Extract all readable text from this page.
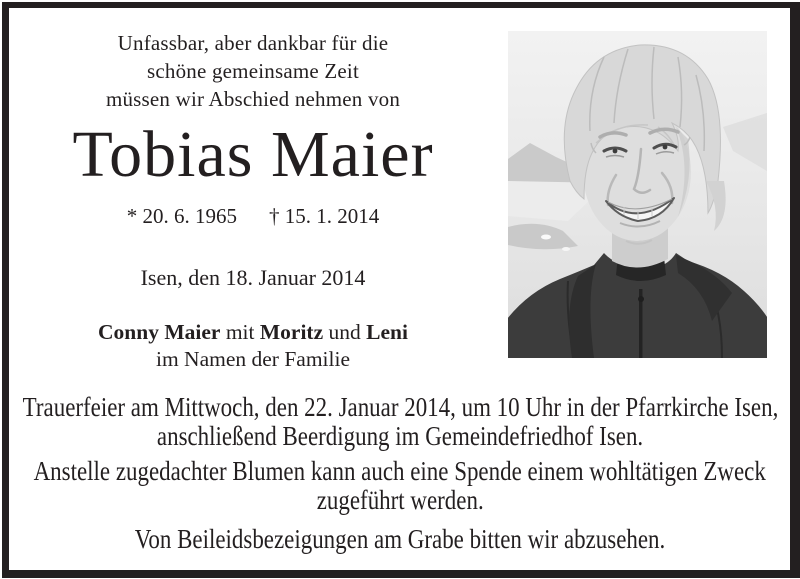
Unfassbar, aber dankbar für die
schöne gemeinsame Zeit
müssen wir Abschied nehmen von
Tobias Maier
* 20. 6. 1965 † 15. 1. 2014
Isen, den 18. Januar 2014
Conny Maier mit Moritz und Leni
im Namen der Familie
Trauerfeier am Mittwoch, den 22. Januar 2014, um 10 Uhr in der Pfarrkirche Isen,
anschließend Beerdigung im Gemeindefriedhof Isen.
Anstelle zugedachter Blumen kann auch eine Spende einem wohltätigen Zweck
zugeführt werden.
Von Beileidsbezeigungen am Grabe bitten wir abzusehen.
